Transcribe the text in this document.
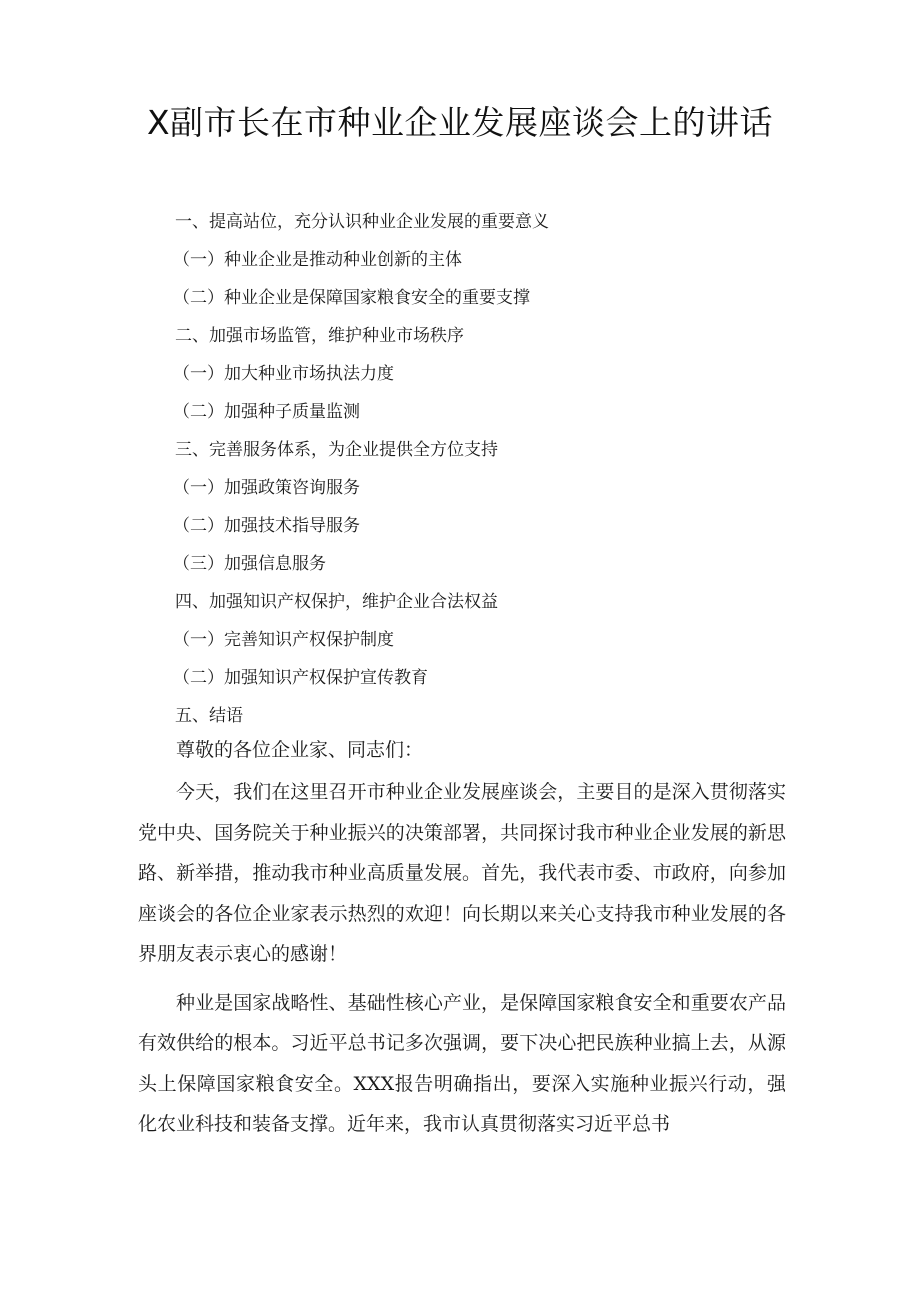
X副市长在市种业企业发展座谈会上的讲话
一、提高站位，充分认识种业企业发展的重要意义
（一）种业企业是推动种业创新的主体
（二）种业企业是保障国家粮食安全的重要支撑
二、加强市场监管，维护种业市场秩序
（一）加大种业市场执法力度
（二）加强种子质量监测
三、完善服务体系，为企业提供全方位支持
（一）加强政策咨询服务
（二）加强技术指导服务
（三）加强信息服务
四、加强知识产权保护，维护企业合法权益
（一）完善知识产权保护制度
（二）加强知识产权保护宣传教育
五、结语
尊敬的各位企业家、同志们：

今天，我们在这里召开市种业企业发展座谈会，主要目的是深入贯彻落实党中央、国务院关于种业振兴的决策部署，共同探讨我市种业企业发展的新思路、新举措，推动我市种业高质量发展。首先，我代表市委、市政府，向参加座谈会的各位企业家表示热烈的欢迎！向长期以来关心支持我市种业发展的各界朋友表示衷心的感谢！

种业是国家战略性、基础性核心产业，是保障国家粮食安全和重要农产品有效供给的根本。习近平总书记多次强调，要下决心把民族种业搞上去，从源头上保障国家粮食安全。XXX报告明确指出，要深入实施种业振兴行动，强化农业科技和装备支撑。近年来，我市认真贯彻落实习近平总书
